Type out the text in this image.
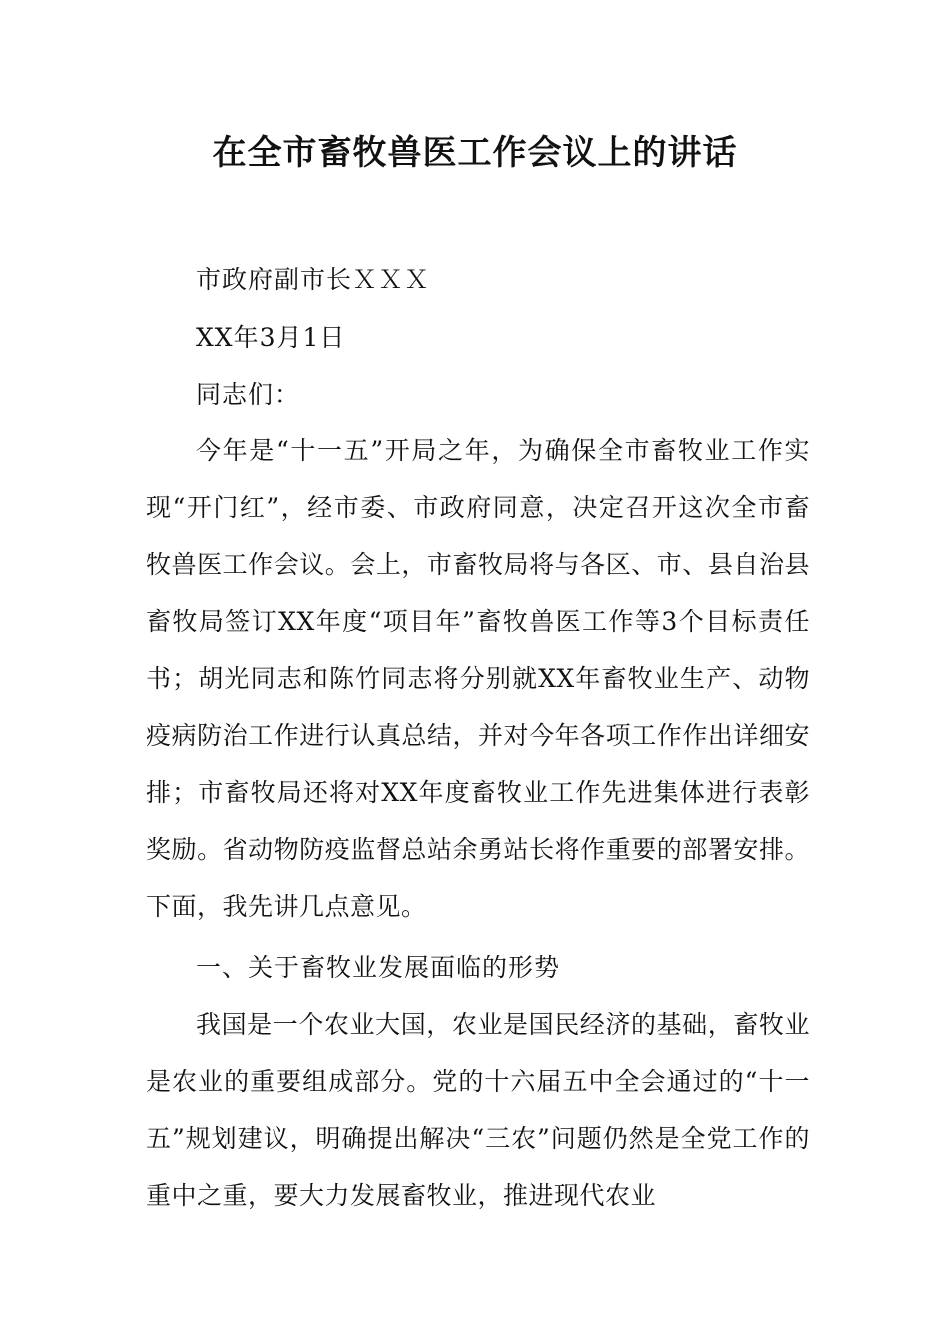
在全市畜牧兽医工作会议上的讲话
市政府副市长ＸＸＸ
XX年3月1日
同志们：

今年是“十一五”开局之年，为确保全市畜牧业工作实现“开门红”，经市委、市政府同意，决定召开这次全市畜牧兽医工作会议。会上，市畜牧局将与各区、市、县自治县畜牧局签订XX年度“项目年”畜牧兽医工作等3个目标责任书；胡光同志和陈竹同志将分别就XX年畜牧业生产、动物疫病防治工作进行认真总结，并对今年各项工作作出详细安排；市畜牧局还将对XX年度畜牧业工作先进集体进行表彰奖励。省动物防疫监督总站余勇站长将作重要的部署安排。下面，我先讲几点意见。

一、关于畜牧业发展面临的形势

我国是一个农业大国，农业是国民经济的基础，畜牧业是农业的重要组成部分。党的十六届五中全会通过的“十一五”规划建议，明确提出解决“三农”问题仍然是全党工作的重中之重，要大力发展畜牧业，推进现代农业
